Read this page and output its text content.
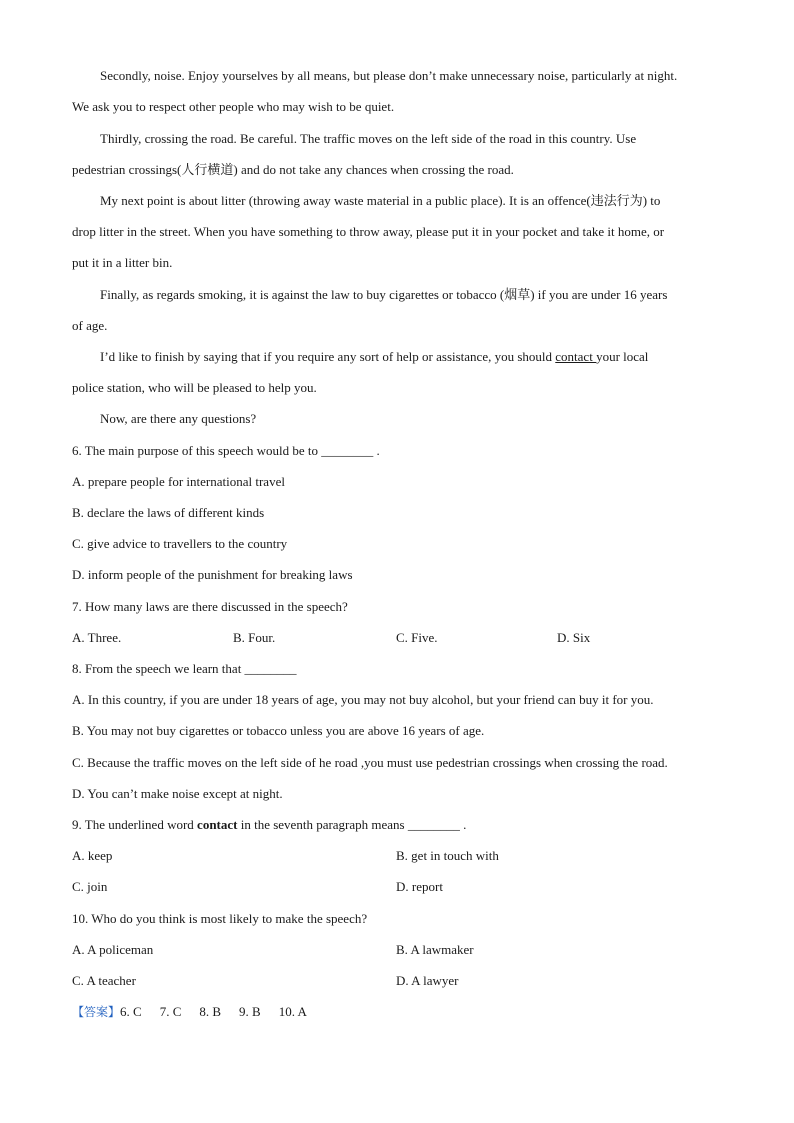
Secondly, noise. Enjoy yourselves by all means, but please don’t make unnecessary noise, particularly at night.
We ask you to respect other people who may wish to be quiet.
Thirdly, crossing the road. Be careful. The traffic moves on the left side of the road in this country. Use
pedestrian crossings(人行横道) and do not take any chances when crossing the road.
My next point is about litter (throwing away waste material in a public place). It is an offence(违法行为) to
drop litter in the street. When you have something to throw away, please put it in your pocket and take it home, or
put it in a litter bin.
Finally, as regards smoking, it is against the law to buy cigarettes or tobacco (烟草) if you are under 16 years
of age.
I’d like to finish by saying that if you require any sort of help or assistance, you should contact your local
police station, who will be pleased to help you.
Now, are there any questions?
6. The main purpose of this speech would be to ________ .
A. prepare people for international travel
B. declare the laws of different kinds
C. give advice to travellers to the country
D. inform people of the punishment for breaking laws
7. How many laws are there discussed in the speech?
A. Three.	B. Four.	C. Five.	D. Six
8. From the speech we learn that ________
A. In this country, if you are under 18 years of age, you may not buy alcohol, but your friend can buy it for you.
B. You may not buy cigarettes or tobacco unless you are above 16 years of age.
C. Because the traffic moves on the left side of he road ,you must use pedestrian crossings when crossing the road.
D. You can’t make noise except at night.
9. The underlined word contact in the seventh paragraph means ________ .
A. keep	B. get in touch with
C. join	D. report
10. Who do you think is most likely to make the speech?
A. A policeman	B. A lawmaker
C. A teacher	D. A lawyer
【答案】6. C 7. C 8. B 9. B 10. A
